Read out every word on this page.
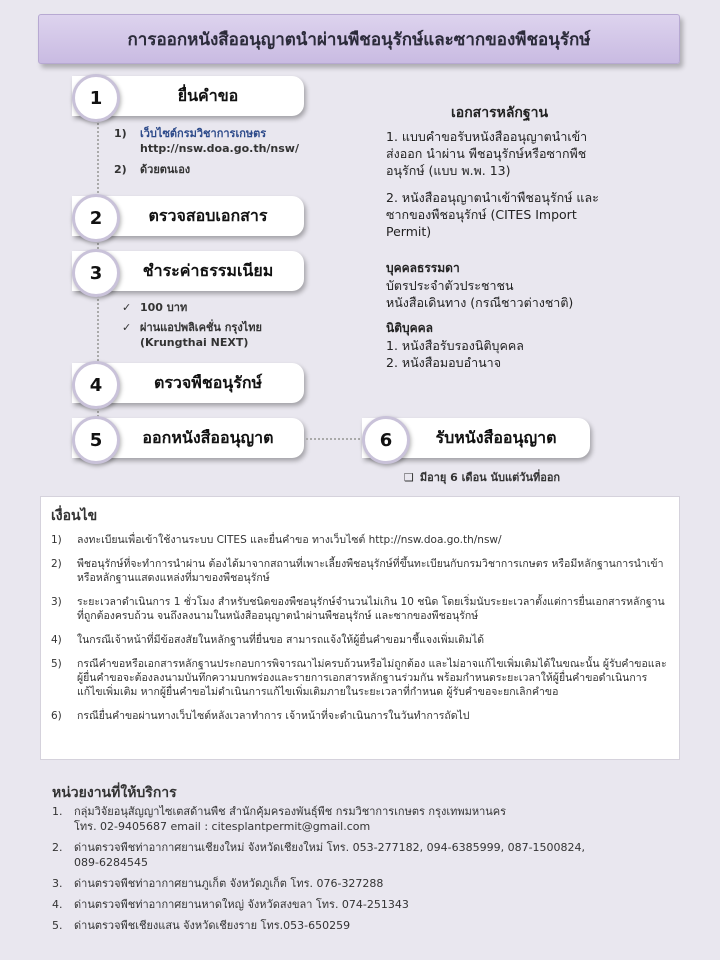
การออกหนังสืออนุญาตนำผ่านพืชอนุรักษ์และซากของพืชอนุรักษ์
ยื่นคำขอ
1
1)	เว็บไซต์กรมวิชาการเกษตร
http://nsw.doa.go.th/nsw/
2)	ด้วยตนเอง
ตรวจสอบเอกสาร
2
ชำระค่าธรรมเนียม
3
✓ 100 บาท
✓ ผ่านแอปพลิเคชั่น กรุงไทย
(Krungthai NEXT)
ตรวจพืชอนุรักษ์
4
ออกหนังสืออนุญาต
5	รับหนังสืออนุญาต
6
❑ มีอายุ 6 เดือน นับแต่วันที่ออก
เอกสารหลักฐาน
1. แบบคำขอรับหนังสืออนุญาตนำเข้า
ส่งออก นำผ่าน พืชอนุรักษ์หรือซากพืช
อนุรักษ์ (แบบ พ.พ. 13)
2. หนังสืออนุญาตนำเข้าพืชอนุรักษ์ และ
ซากของพืชอนุรักษ์ (CITES Import
Permit)
บุคคลธรรมดา
บัตรประจำตัวประชาชน
หนังสือเดินทาง (กรณีชาวต่างชาติ)
นิติบุคคล
1. หนังสือรับรองนิติบุคคล
2. หนังสือมอบอำนาจ
เงื่อนไข
1)	ลงทะเบียนเพื่อเข้าใช้งานระบบ CITES และยื่นคำขอ ทางเว็บไซต์ http://nsw.doa.go.th/nsw/
2)	พืชอนุรักษ์ที่จะทำการนำผ่าน ต้องได้มาจากสถานที่เพาะเลี้ยงพืชอนุรักษ์ที่ขึ้นทะเบียนกับกรมวิชาการเกษตร หรือมีหลักฐานการนำเข้า หรือหลักฐานแสดงแหล่งที่มาของพืชอนุรักษ์
3)	ระยะเวลาดำเนินการ 1 ชั่วโมง สำหรับชนิดของพืชอนุรักษ์จำนวนไม่เกิน 10 ชนิด โดยเริ่มนับระยะเวลาตั้งแต่การยื่นเอกสารหลักฐานที่ถูกต้องครบถ้วน จนถึงลงนามในหนังสืออนุญาตนำผ่านพืชอนุรักษ์ และซากของพืชอนุรักษ์
4)	ในกรณีเจ้าหน้าที่มีข้อสงสัยในหลักฐานที่ยื่นขอ สามารถแจ้งให้ผู้ยื่นคำขอมาชี้แจงเพิ่มเติมได้
5)	กรณีคำขอหรือเอกสารหลักฐานประกอบการพิจารณาไม่ครบถ้วนหรือไม่ถูกต้อง และไม่อาจแก้ไขเพิ่มเติมได้ในขณะนั้น ผู้รับคำขอและผู้ยื่นคำขอจะต้องลงนามบันทึกความบกพร่องและรายการเอกสารหลักฐานร่วมกัน พร้อมกำหนดระยะเวลาให้ผู้ยื่นคำขอดำเนินการแก้ไขเพิ่มเติม หากผู้ยื่นคำขอไม่ดำเนินการแก้ไขเพิ่มเติมภายในระยะเวลาที่กำหนด ผู้รับคำขอจะยกเลิกคำขอ
6)	กรณียื่นคำขอผ่านทางเว็บไซต์หลังเวลาทำการ เจ้าหน้าที่จะดำเนินการในวันทำการถัดไป
หน่วยงานที่ให้บริการ
1.	กลุ่มวิจัยอนุสัญญาไซเตสด้านพืช สำนักคุ้มครองพันธุ์พืช กรมวิชาการเกษตร กรุงเทพมหานคร
โทร. 02-9405687 email : citesplantpermit@gmail.com
2.	ด่านตรวจพืชท่าอากาศยานเชียงใหม่ จังหวัดเชียงใหม่ โทร. 053-277182, 094-6385999, 087-1500824,
089-6284545
3.	ด่านตรวจพืชท่าอากาศยานภูเก็ต จังหวัดภูเก็ต โทร. 076-327288
4.	ด่านตรวจพืชท่าอากาศยานหาดใหญ่ จังหวัดสงขลา โทร. 074-251343
5.	ด่านตรวจพืชเชียงแสน จังหวัดเชียงราย โทร.053-650259
